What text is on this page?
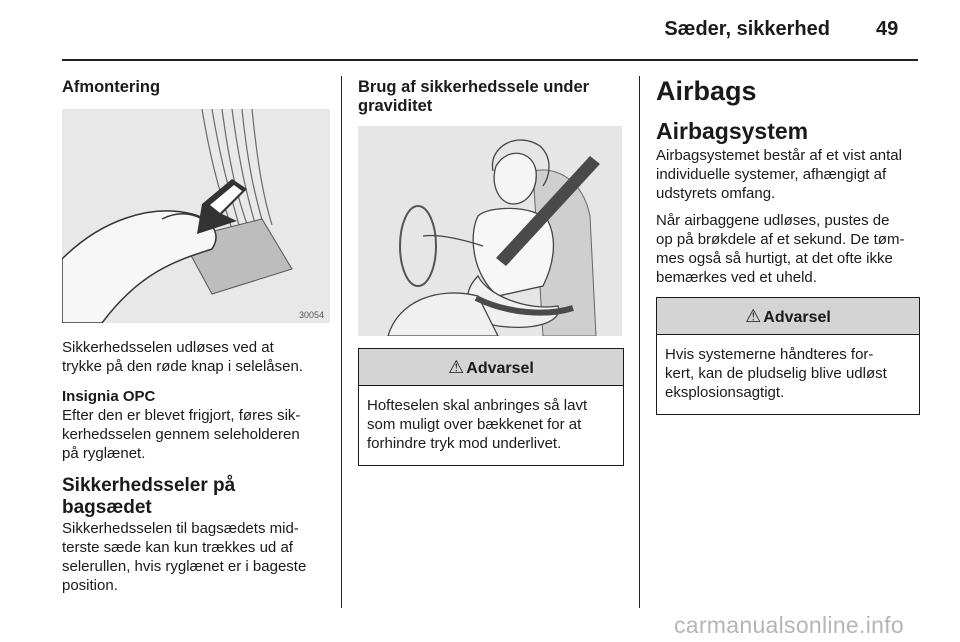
Sæder, sikkerhed 49
Afmontering
30054

Sikkerhedsselen udløses ved at
trykke på den røde knap i selelåsen.

Insignia OPC

Efter den er blevet frigjort, føres sik-
kerhedsselen gennem seleholderen
på ryglænet.

Sikkerhedsseler på bagsædet

Sikkerhedsselen til bagsædets mid-
terste sæde kan kun trækkes ud af
selerullen, hvis ryglænet er i bageste
position.

Brug af sikkerhedssele under
graviditet
⚠ Advarsel
Hofteselen skal anbringes så lavt
som muligt over bækkenet for at
forhindre tryk mod underlivet.
Airbags
Airbagsystem

Airbagsystemet består af et vist antal
individuelle systemer, afhængigt af
udstyrets omfang.

Når airbaggene udløses, pustes de
op på brøkdele af et sekund. De tøm-
mes også så hurtigt, at det ofte ikke
bemærkes ved et uheld.

⚠ Advarsel
Hvis systemerne håndteres for-
kert, kan de pludselig blive udløst
eksplosionsagtigt.
carmanualsonline.info
